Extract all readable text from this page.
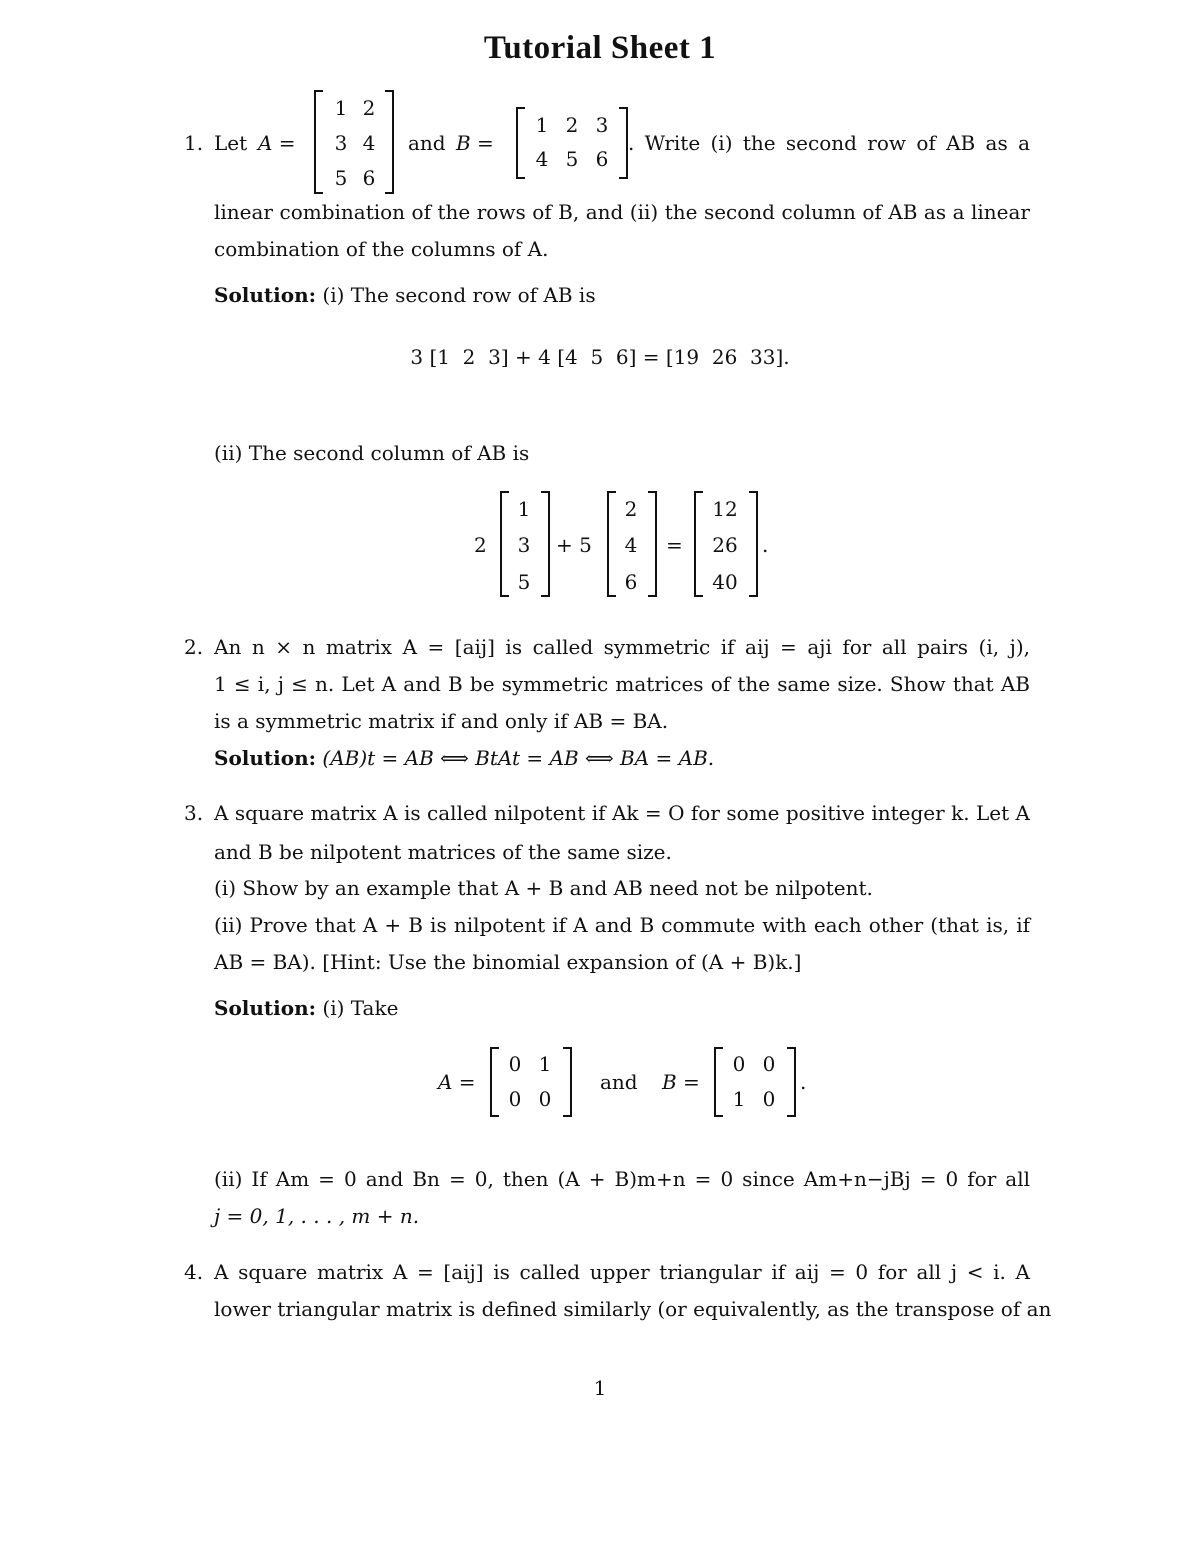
Tutorial Sheet 1
1. Let A =
1 2
3 4
5 6
and B =
1 2 3
4 5 6
. Write (i) the second row of AB as a
linear combination of the rows of B, and (ii) the second column of AB as a linear
combination of the columns of A.
Solution: (i) The second row of AB is
3 [1  2  3] + 4 [4  5  6] = [19  26  33].
(ii) The second column of AB is
2
1
3
5
+ 5
2
4
6
=
12
26
40
.
2. An n × n matrix A = [aij] is called symmetric if aij = aji for all pairs (i, j),
1 ≤ i, j ≤ n. Let A and B be symmetric matrices of the same size. Show that AB
is a symmetric matrix if and only if AB = BA.
Solution: (AB)t = AB ⟺ BtAt = AB ⟺ BA = AB.
3. A square matrix A is called nilpotent if Ak = O for some positive integer k. Let A
and B be nilpotent matrices of the same size.
(i) Show by an example that A + B and AB need not be nilpotent.
(ii) Prove that A + B is nilpotent if A and B commute with each other (that is, if
AB = BA). [Hint: Use the binomial expansion of (A + B)k.]
Solution: (i) Take
A =
0 1
0 0
and B =
0 0
1 0
.
(ii) If Am = 0 and Bn = 0, then (A + B)m+n = 0 since Am+n−jBj = 0 for all
j = 0, 1, . . . , m + n.
4. A square matrix A = [aij] is called upper triangular if aij = 0 for all j < i. A
lower triangular matrix is defined similarly (or equivalently, as the transpose of an
1
